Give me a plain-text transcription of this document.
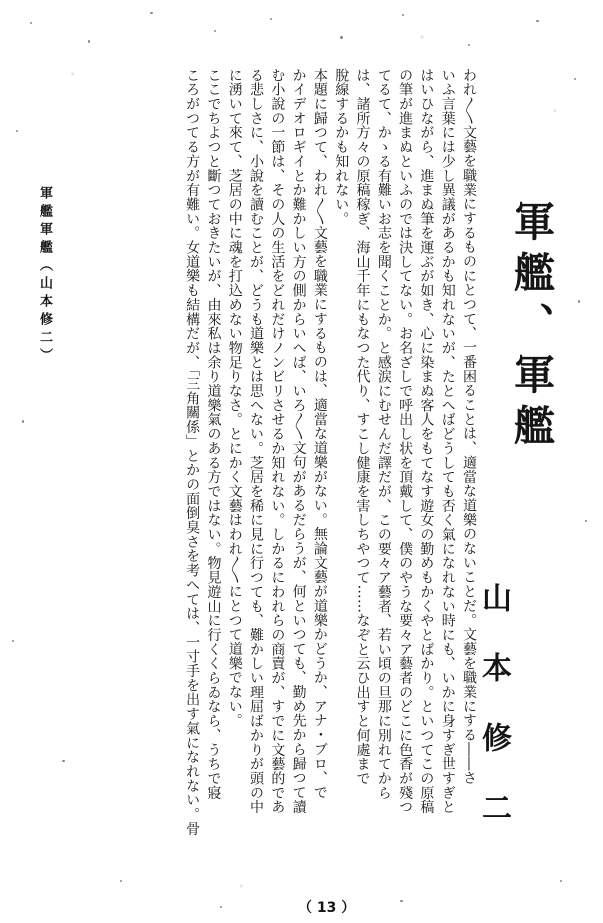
軍艦、軍艦
山本修二

われ〳〵文藝を職業にするものにとつて、一番困ることは、適當な道樂のないことだ。文藝を職業にする――さ

いふ言葉には少し異議があるかも知れないが、たとへばどうしても否く氣になれない時にも、いかに身すぎ世すぎと

はいひながら、進まぬ筆を運ぶが如き、心に染まぬ客人をもてなす遊女の勤めもかくやとばかり。といつてこの原稿

の筆が進まぬといふのでは決してない。お名ざしで呼出し状を頂戴して、僕のやうな要々ア藝者のどこに色香が殘つ

てるて、かゝる有難いお志を聞くことか。と感涙にむせんだ譯だが、この要々ア藝者、若い頃の旦那に別れてから

は、諸所方々の原稿稼ぎ、海山千年にもなつた代り、すこし健康を害しちやつて……なぞと云ひ出すと何處まで

脫線するかも知れない。

本題に歸つて、われ〳〵文藝を職業にするものは、適當な道樂がない。無論文藝が道樂かどうか、アナ・ブロ、で

かイデオロギイとか難かしい方の側からいへば、いろ〳〵文句があるだらうが、何といつても、勤め先から歸つて讀

む小說の一節は、その人の生活をどれだけノンビリさせるか知れない。しかるにわれらの商賣が、すでに文藝的であ

る悲しさに、小說を讀むことが、どうも道樂とは思へない。芝居を稀に見に行つても、難かしい理屈ばかりが頭の中

に湧いて來て、芝居の中に魂を打込めない物足りなさ。とにかく文藝はわれ〳〵にとつて道樂でない。

ここでちよつと斷つておきたいが、由來私は余り道樂氣のある方ではない。物見遊山に行くくらゐなら、うちで寢

ころがつてる方が有難い。女道樂も結構だが、「三角關係」とかの面倒臭さを考へては、一寸手を出す氣になれない。骨

軍艦軍艦（山本修二）
（ 13 ）
